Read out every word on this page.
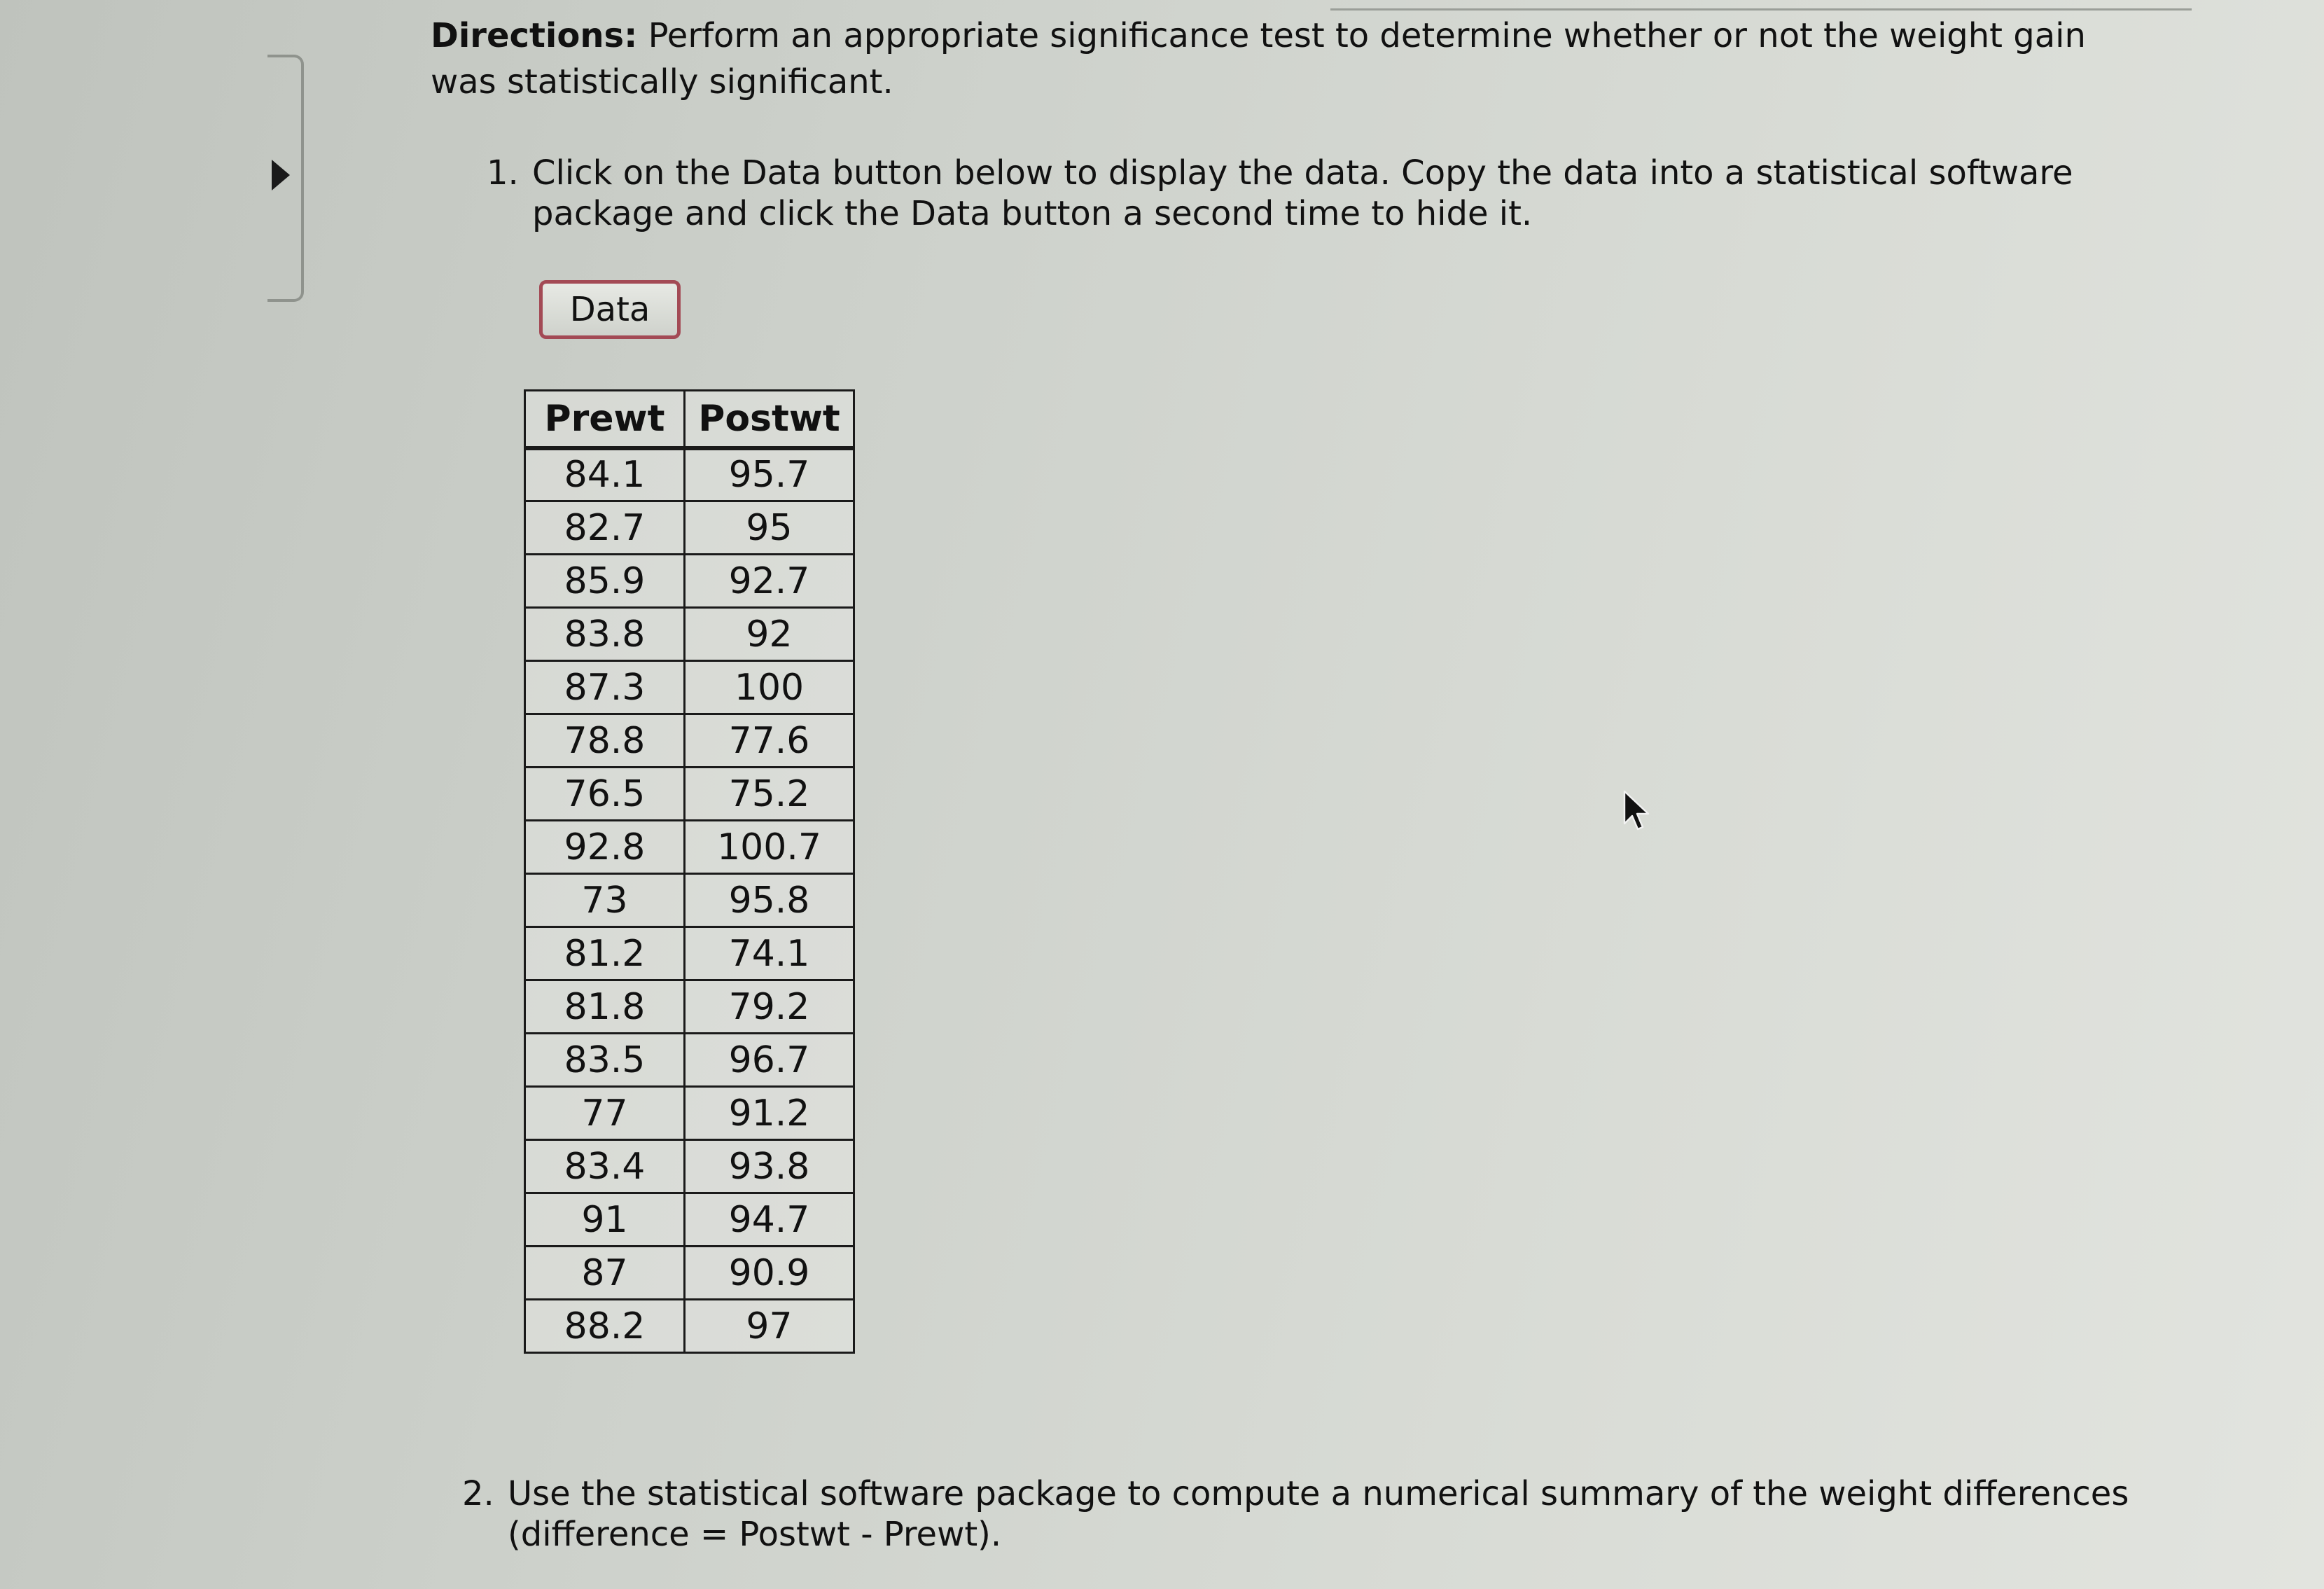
Directions: Perform an appropriate significance test to determine whether or not the weight gain was statistically significant.
1. Click on the Data button below to display the data. Copy the data into a statistical software package and click the Data button a second time to hide it.
Data
Prewt	Postwt
84.1	95.7
82.7	95
85.9	92.7
83.8	92
87.3	100
78.8	77.6
76.5	75.2
92.8	100.7
73	95.8
81.2	74.1
81.8	79.2
83.5	96.7
77	91.2
83.4	93.8
91	94.7
87	90.9
88.2	97
2. Use the statistical software package to compute a numerical summary of the weight differences (difference = Postwt - Prewt).
